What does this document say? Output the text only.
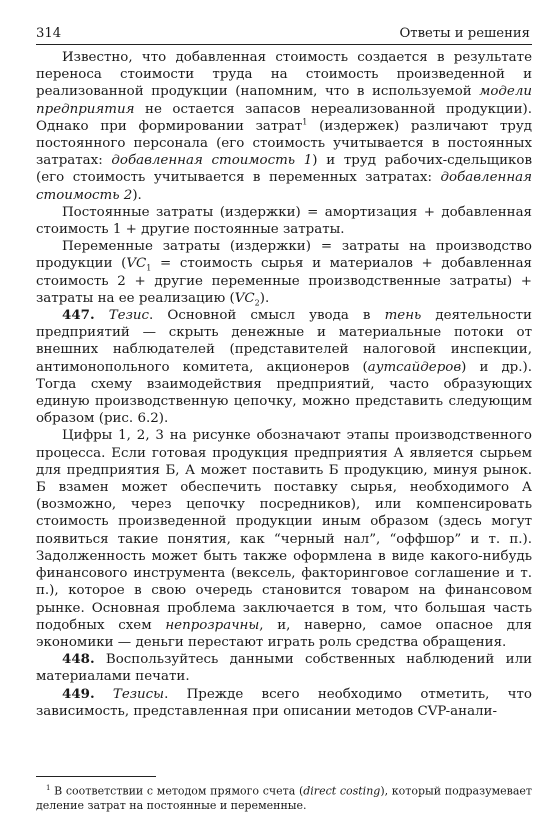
314	Ответы и решения

Известно, что добавленная стоимость создается в результате переноса стоимости труда на стоимость произведенной и реализованной продукции (напомним, что в используемой модели предприятия не остается запасов нереализованной продукции). Однако при формировании затрат$^1$ (издержек) различают труд постоянного персонала (его стоимость учитывается в постоянных затратах: добавленная стоимость 1) и труд рабочих-сдельщиков (его стоимость учитывается в переменных затратах: добавленная стоимость 2).

Постоянные затраты (издержки) = амортизация + добавленная стоимость 1 + другие постоянные затраты.

Переменные затраты (издержки) = затраты на производство продукции ($VC_1$ = стоимость сырья и материалов + добавленная стоимость 2 + другие переменные производственные затраты) + затраты на ее реализацию $(VC_2)$.

447. Тезис. Основной смысл увода в тень деятельности предприятий — скрыть денежные и материальные потоки от внешних наблюдателей (представителей налоговой инспекции, антимонопольного комитета, акционеров (аутсайдеров) и др.). Тогда схему взаимодействия предприятий, часто образующих единую производственную цепочку, можно представить следующим образом (рис. 6.2).

Цифры 1, 2, 3 на рисунке обозначают этапы производственного процесса. Если готовая продукция предприятия А является сырьем для предприятия Б, А может поставить Б продукцию, минуя рынок. Б взамен может обеспечить поставку сырья, необходимого А (возможно, через цепочку посредников), или компенсировать стоимость произведенной продукции иным образом (здесь могут появиться такие понятия, как “черный нал”, “оффшор” и т. п.). Задолженность может быть также оформлена в виде какого-нибудь финансового инструмента (вексель, факторинговое соглашение и т. п.), которое в свою очередь становится товаром на финансовом рынке. Основная проблема заключается в том, что большая часть подобных схем непрозрачны, и, наверно, самое опасное для экономики — деньги перестают играть роль средства обращения.

448. Воспользуйтесь данными собственных наблюдений или материалами печати.

449. Тезисы. Прежде всего необходимо отметить, что зависимость, представленная при описании методов CVP-анали-

$^1$ В соответствии с методом прямого счета (direct costing), который подразумевает деление затрат на постоянные и переменные.
